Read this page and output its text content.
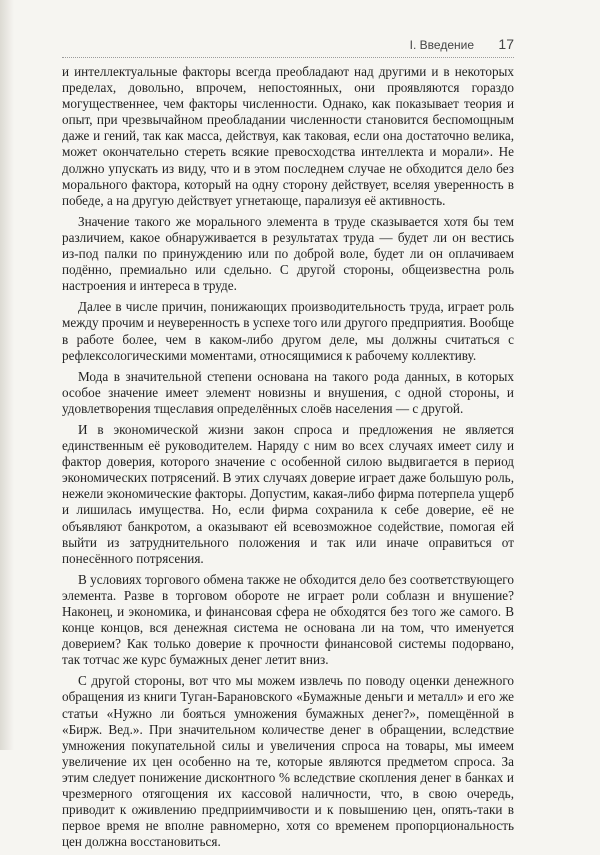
I. Введение 17

и интеллектуальные факторы всегда преобладают над другими и в некоторых пределах, довольно, впрочем, непостоянных, они проявляются гораздо могущественнее, чем факторы численности. Однако, как показывает теория и опыт, при чрезвычайном преобладании численности становится беспомощным даже и гений, так как масса, действуя, как таковая, если она достаточно велика, может окончательно стереть всякие превосходства интеллекта и морали». Не должно упускать из виду, что и в этом последнем случае не обходится дело без морального фактора, который на одну сторону действует, вселяя уверенность в победе, а на другую действует угнетающе, парализуя её активность.

Значение такого же морального элемента в труде сказывается хотя бы тем различием, какое обнаруживается в результатах труда — будет ли он вестись из-под палки по принуждению или по доброй воле, будет ли он оплачиваем подённо, премиально или сдельно. С другой стороны, общеизвестна роль настроения и интереса в труде.

Далее в числе причин, понижающих производительность труда, играет роль между прочим и неуверенность в успехе того или другого предприятия. Вообще в работе более, чем в каком-либо другом деле, мы должны считаться с рефлексологическими моментами, относящимися к рабочему коллективу.

Мода в значительной степени основана на такого рода данных, в которых особое значение имеет элемент новизны и внушения, с одной стороны, и удовлетворения тщеславия определённых слоёв населения — с другой.

И в экономической жизни закон спроса и предложения не является единственным её руководителем. Наряду с ним во всех случаях имеет силу и фактор доверия, которого значение с особенной силою выдвигается в период экономических потрясений. В этих случаях доверие играет даже большую роль, нежели экономические факторы. Допустим, какая-либо фирма потерпела ущерб и лишилась имущества. Но, если фирма сохранила к себе доверие, её не объявляют банкротом, а оказывают ей всевозможное содействие, помогая ей выйти из затруднительного положения и так или иначе оправиться от понесённого потрясения.

В условиях торгового обмена также не обходится дело без соответствующего элемента. Разве в торговом обороте не играет роли соблазн и внушение? Наконец, и экономика, и финансовая сфера не обходятся без того же самого. В конце концов, вся денежная система не основана ли на том, что именуется доверием? Как только доверие к прочности финансовой системы подорвано, так тотчас же курс бумажных денег летит вниз.

С другой стороны, вот что мы можем извлечь по поводу оценки денежного обращения из книги Туган-Барановского «Бумажные деньги и металл» и его же статьи «Нужно ли бояться умножения бумажных денег?», помещённой в «Бирж. Вед.». При значительном количестве денег в обращении, вследствие умножения покупательной силы и увеличения спроса на товары, мы имеем увеличение их цен особенно на те, которые являются предметом спроса. За этим следует понижение дисконтного % вследствие скопления денег в банках и чрезмерного отягощения их кассовой наличности, что, в свою очередь, приводит к оживлению предприимчивости и к повышению цен, опять-таки в первое время не вполне равномерно, хотя со временем пропорциональность цен должна восстановиться.
